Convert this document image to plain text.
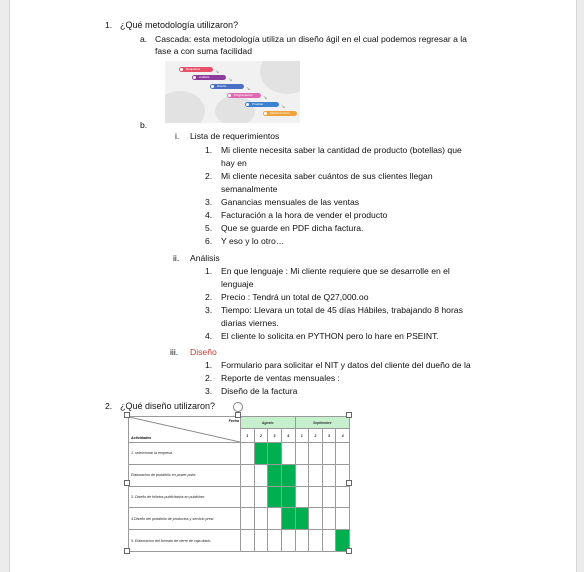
1. ¿Qué metodología utilizaron?
a. Cascada: esta metodología utiliza un diseño ágil en el cual podemos regresar a la
fase a con suma facilidad
Requisitos	↘
Análisis	↘
Diseño	↘
Programación	↘
Pruebas	↘
Mantenimiento
b.
i. Lista de requerimientos
1. Mi cliente necesita saber la cantidad de producto (botellas) que
hay en
2. Mi cliente necesita saber cuántos de sus clientes llegan
semanalmente
3. Ganancias mensuales de las ventas
4. Facturación a la hora de vender el producto
5. Que se guarde en PDF dicha factura.
6. Y eso y lo otro…
ii. Análisis
1. En que lenguaje : Mi cliente requiere que se desarrolle en el
lenguaje
2. Precio : Tendrá un total de Q27,000.oo
3. Tiempo: Llevara un total de 45 días Hábiles, trabajando 8 horas
diarias viernes.
4. El cliente lo solicita en PYTHON pero lo hare en PSEINT.
iii. Diseño
1. Formulario para solicitar el NIT y datos del cliente del dueño de la
2. Reporte de ventas mensuales :
3. Diseño de la factura
2. ¿Qué diseño utilizaron?
Fecha
Actividades	Agosto				Septiembre			
	1	2	3	4	1	2	3	4
1. seleccionar la empresa.								
Elaboracion de portafolio en power point.								
3. Diseño de folletos publicitarios en publisher.								
4.Diseño del portafolio de productos y servicio prezi.								
5. Elaboracion del formato de cierre de caja diario.								
